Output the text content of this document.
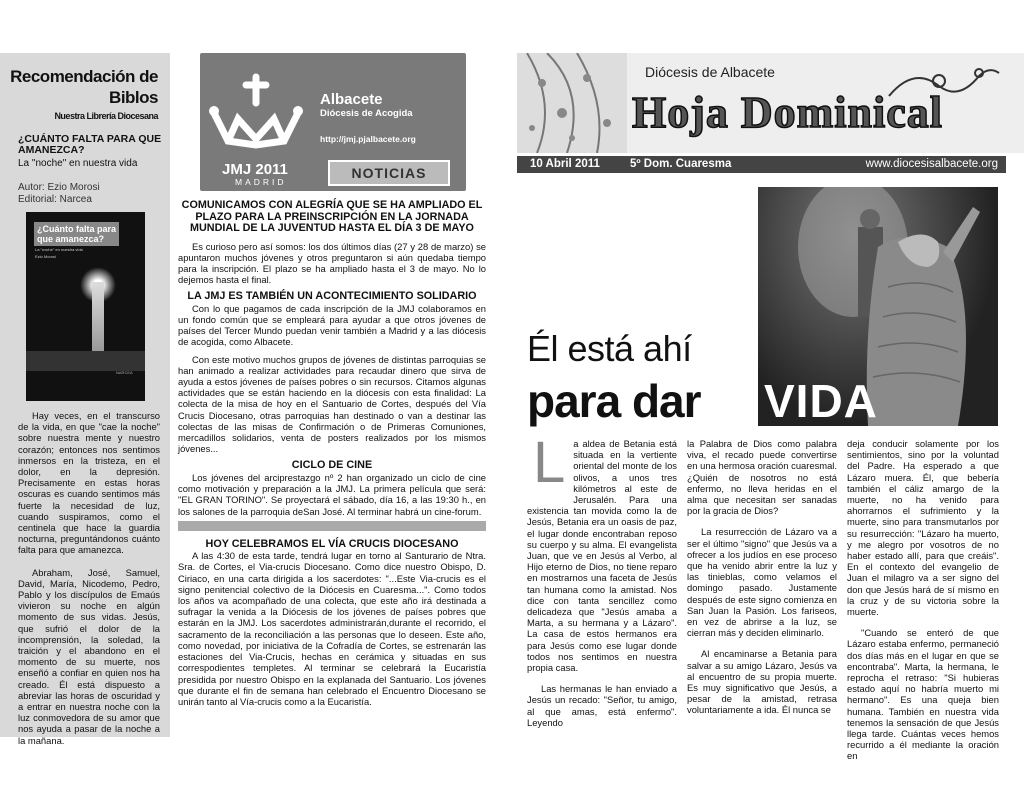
Recomendación de
Biblos
Nuestra Librería Diocesana
¿CUÁNTO FALTA PARA QUE AMANEZCA?
La "noche" en nuestra vida
Autor: Ezio Morosi
Editorial: Narcea
¿Cuánto falta para que amanezca?
La "noche" en nuestra vida
Ezio Morosi
NARCEA

Hay veces, en el transcurso de la vida, en que "cae la noche" sobre nuestra mente y nuestro corazón; entonces nos sentimos inmersos en la tristeza, en el dolor, en la depresión. Precisamente en estas horas oscuras es cuando sentimos más fuerte la necesidad de luz, cuando suspiramos, como el centinela que hace la guardia nocturna, preguntándonos cuánto falta para que amanezca.

Abraham, José, Samuel, David, María, Nicodemo, Pedro, Pablo y los discípulos de Emaús vivieron su noche en algún momento de sus vidas. Jesús, que sufrió el dolor de la incomprensión, la soledad, la traición y el abandono en el momento de su muerte, nos enseñó a confiar en quien nos ha creado. Él está dispuesto a abreviar las horas de oscuridad y a entrar en nuestra noche con la luz conmovedora de su amor que nos ayuda a pasar de la noche a la mañana.

Albacete
Diócesis de Acogida
http://jmj.pjalbacete.org
JMJ 2011
MADRID
NOTICIAS
COMUNICAMOS CON ALEGRÍA QUE SE HA AMPLIADO EL PLAZO PARA LA PREINSCRIPCIÓN EN LA JORNADA MUNDIAL DE LA JUVENTUD HASTA EL DÍA 3 DE MAYO
Es curioso pero así somos: los dos últimos días (27 y 28 de marzo) se apuntaron muchos jóvenes y otros preguntaron si aún quedaba tiempo para la inscripción. El plazo se ha ampliado hasta el 3 de mayo. No lo dejemos hasta el final.
LA JMJ ES TAMBIÉN UN ACONTECIMIENTO SOLIDARIO
Con lo que pagamos de cada inscripción de la JMJ colaboramos en un fondo común que se empleará para ayudar a que otros jóvenes de países del Tercer Mundo puedan venir también a Madrid y a las diócesis de acogida, como Albacete.
Con este motivo muchos grupos de jóvenes de distintas parroquias se han animado a realizar actividades para recaudar dinero que sirva de ayuda a estos jóvenes de países pobres o sin recursos. Citamos algunas actividades que se están haciendo en la diócesis con esta finalidad: La colecta de la misa de hoy en el Santuario de Cortes, después del Vía Crucis Diocesano, otras parroquias han destinado o van a destinar las colectas de las misas de Confirmación o de Primeras Comuniones, mercadillos solidarios, venta de posters realizados por los mismos jóvenes...
CICLO DE CINE
Los jóvenes del arciprestazgo nº 2 han organizado un ciclo de cine como motivación y preparación a la JMJ. La primera película que será: "EL GRAN TORINO". Se proyectará el sábado, día 16, a las 19:30 h., en los salones de la parroquia deSan José. Al terminar habrá un cine-forum.
HOY CELEBRAMOS EL VÍA CRUCIS DIOCESANO
A las 4:30 de esta tarde, tendrá lugar en torno al Santurario de Ntra. Sra. de Cortes, el Via-crucis Diocesano. Como dice nuestro Obispo, D. Ciriaco, en una carta dirigida a los sacerdotes: "...Este Via-crucis es el signo penitencial colectivo de la Diócesis en Cuaresma...". Como todos los años va acompañado de una colecta, que este año irá destinada a sufragar la venida a la Diócesis de los jóvenes de países pobres que estarán en la JMJ. Los sacerdotes administrarán,durante el recorrido, el sacramento de la reconciliación a las personas que lo deseen. Este año, como novedad, por iniciativa de la Cofradía de Cortes, se estrenarán las estaciones del Via-Crucis, hechas en cerámica y situadas en sus correspodientes templetes. Al terminar se celebrará la Eucaristía presidida por nuestro Obispo en la explanada del Santuario. Los jóvenes que durante el fin de semana han celebrado el Encuentro Diocesano se unirán tanto al Vía-crucis como a la Eucaristía.
Diócesis de Albacete
Hoja Dominical
10 Abril 2011	5º Dom. Cuaresma	www.diocesisalbacete.org
Él está ahí
para dar VIDA

La aldea de Betania está situada en la vertiente oriental del monte de los olivos, a unos tres kilómetros al este de Jerusalén. Para una existencia tan movida como la de Jesús, Betania era un oasis de paz, el lugar donde encontraban reposo su cuerpo y su alma. El evangelista Juan, que ve en Jesús al Verbo, al Hijo eterno de Dios, no tiene reparo en mostrarnos una faceta de Jesús tan humana como la amistad. Nos dice con tanta sencillez como delicadeza que "Jesús amaba a Marta, a su hermana y a Lázaro". La casa de estos hermanos era para Jesús como ese lugar donde todos nos sentimos en nuestra propia casa.

Las hermanas le han enviado a Jesús un recado: "Señor, tu amigo, al que amas, está enfermo". Leyendo

la Palabra de Dios como palabra viva, el recado puede convertirse en una hermosa oración cuaresmal. ¿Quién de nosotros no está enfermo, no lleva heridas en el alma que necesitan ser sanadas por la gracia de Dios?

La resurrección de Lázaro va a ser el último "signo" que Jesús va a ofrecer a los judíos en ese proceso que ha venido abrir entre la luz y las tinieblas, como velamos el domingo pasado. Justamente después de este signo comienza en San Juan la Pasión. Los fariseos, en vez de abrirse a la luz, se cierran más y deciden eliminarlo.

Al encaminarse a Betania para salvar a su amigo Lázaro, Jesús va al encuentro de su propia muerte. Es muy significativo que Jesús, a pesar de la amistad, retrasa voluntariamente a ida. Él nunca se

deja conducir solamente por los sentimientos, sino por la voluntad del Padre. Ha esperado a que Lázaro muera. Él, que bebería también el cáliz amargo de la muerte, no ha venido para ahorrarnos el sufrimiento y la muerte, sino para transmutarlos por su resurrección: "Lázaro ha muerto, y me alegro por vosotros de no haber estado allí, para que creáis". En el contexto del evangelio de Juan el milagro va a ser signo del don que Jesús hará de sí mismo en la cruz y de su victoria sobre la muerte.

"Cuando se enteró de que Lázaro estaba enfermo, permaneció dos días más en el lugar en que se encontraba". Marta, la hermana, le reprocha el retraso: "Si hubieras estado aquí no habría muerto mi hermano". Es una queja bien humana. También en nuestra vida tenemos la sensación de que Jesús llega tarde. Cuántas veces hemos recurrido a él mediante la oración en
